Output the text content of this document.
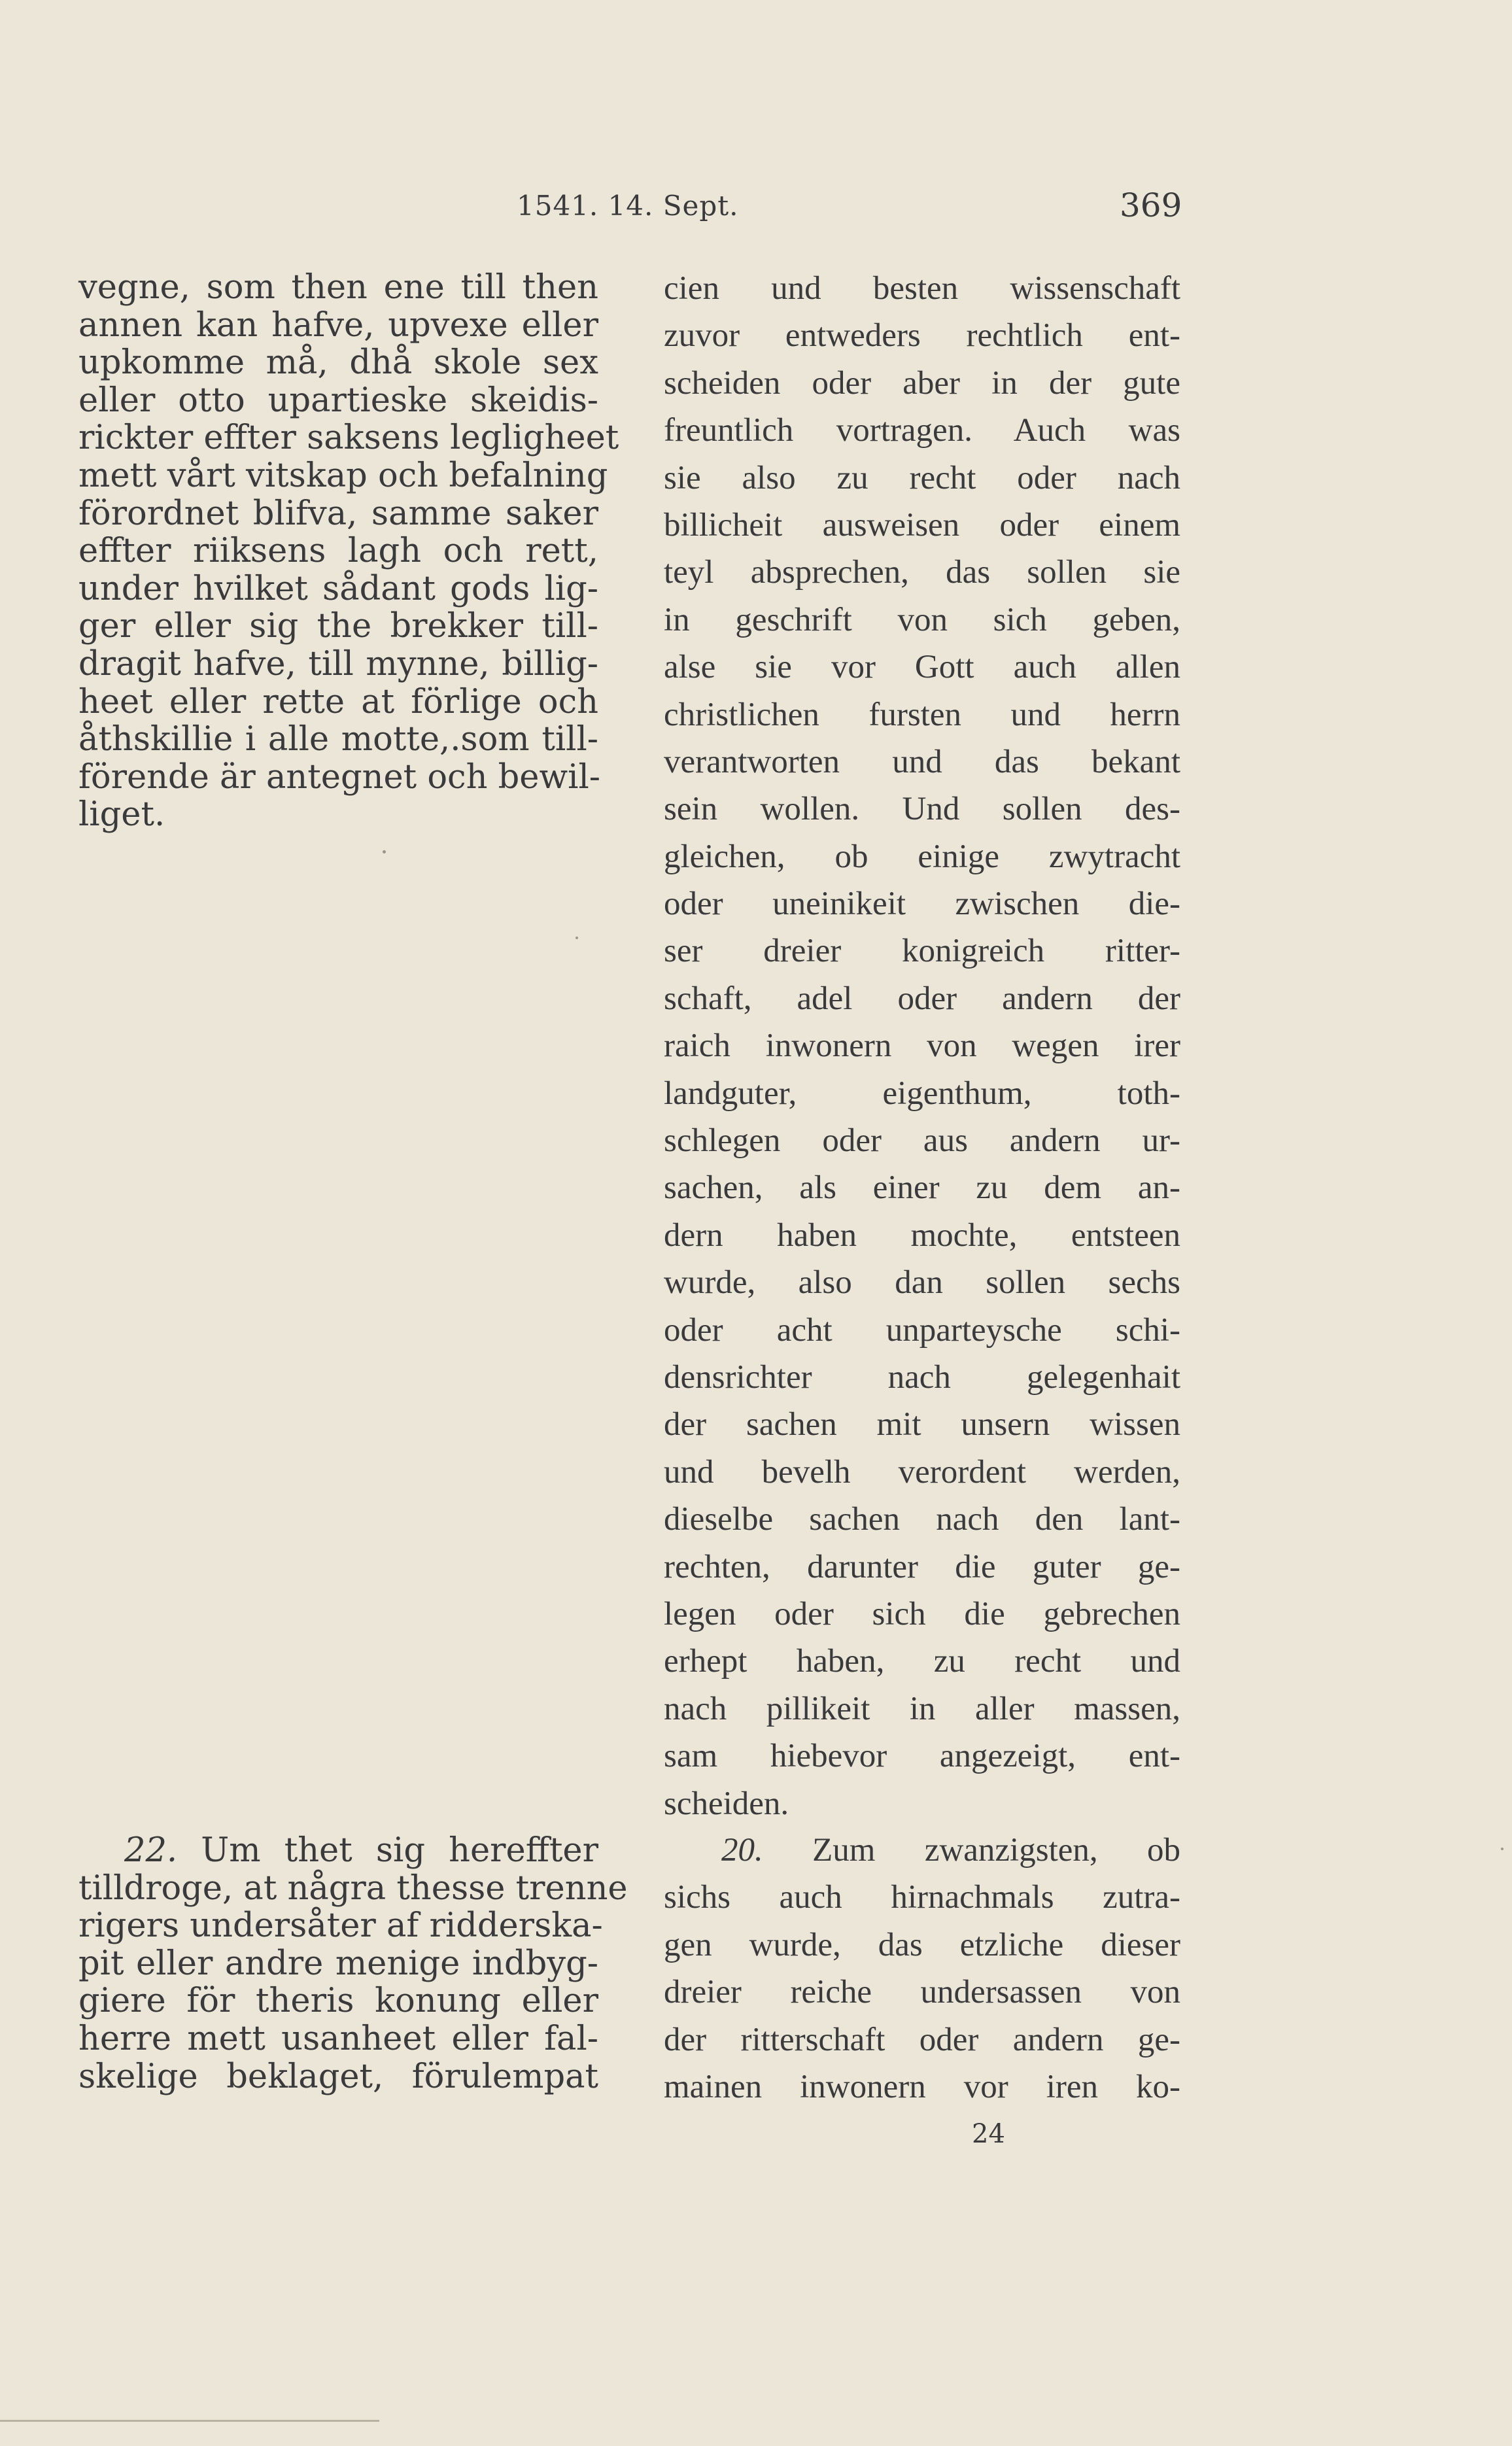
1541. 14. Sept.	369
vegne, som then ene till then
annen kan hafve, upvexe eller
upkomme må, dhå skole sex
eller otto upartieske skeidis-
rickter effter saksens legligheet
mett vårt vitskap och befalning
förordnet blifva, samme saker
effter riiksens lagh och rett,
under hvilket sådant gods lig-
ger eller sig the brekker till-
dragit hafve, till mynne, billig-
heet eller rette at förlige och
åthskillie i alle motte,.som till-
förende är antegnet och bewil-
liget.
22. Um thet sig hereffter
tilldroge, at några thesse trenne
rigers undersåter af ridderska-
pit eller andre menige indbyg-
giere för theris konung eller
herre mett usanheet eller fal-
skelige beklaget, förulempat
cien und besten wissenschaft
zuvor entweders rechtlich ent-
scheiden oder aber in der gute
freuntlich vortragen. Auch was
sie also zu recht oder nach
billicheit ausweisen oder einem
teyl absprechen, das sollen sie
in geschrift von sich geben,
alse sie vor Gott auch allen
christlichen fursten und herrn
verantworten und das bekant
sein wollen. Und sollen des-
gleichen, ob einige zwytracht
oder uneinikeit zwischen die-
ser dreier konigreich ritter-
schaft, adel oder andern der
raich inwonern von wegen irer
landguter, eigenthum, toth-
schlegen oder aus andern ur-
sachen, als einer zu dem an-
dern haben mochte, entsteen
wurde, also dan sollen sechs
oder acht unparteysche schi-
densrichter nach gelegenhait
der sachen mit unsern wissen
und bevelh verordent werden,
dieselbe sachen nach den lant-
rechten, darunter die guter ge-
legen oder sich die gebrechen
erhept haben, zu recht und
nach pillikeit in aller massen,
sam hiebevor angezeigt, ent-
scheiden.
20. Zum zwanzigsten, ob
sichs auch hirnachmals zutra-
gen wurde, das etzliche dieser
dreier reiche undersassen von
der ritterschaft oder andern ge-
mainen inwonern vor iren ko-
24
